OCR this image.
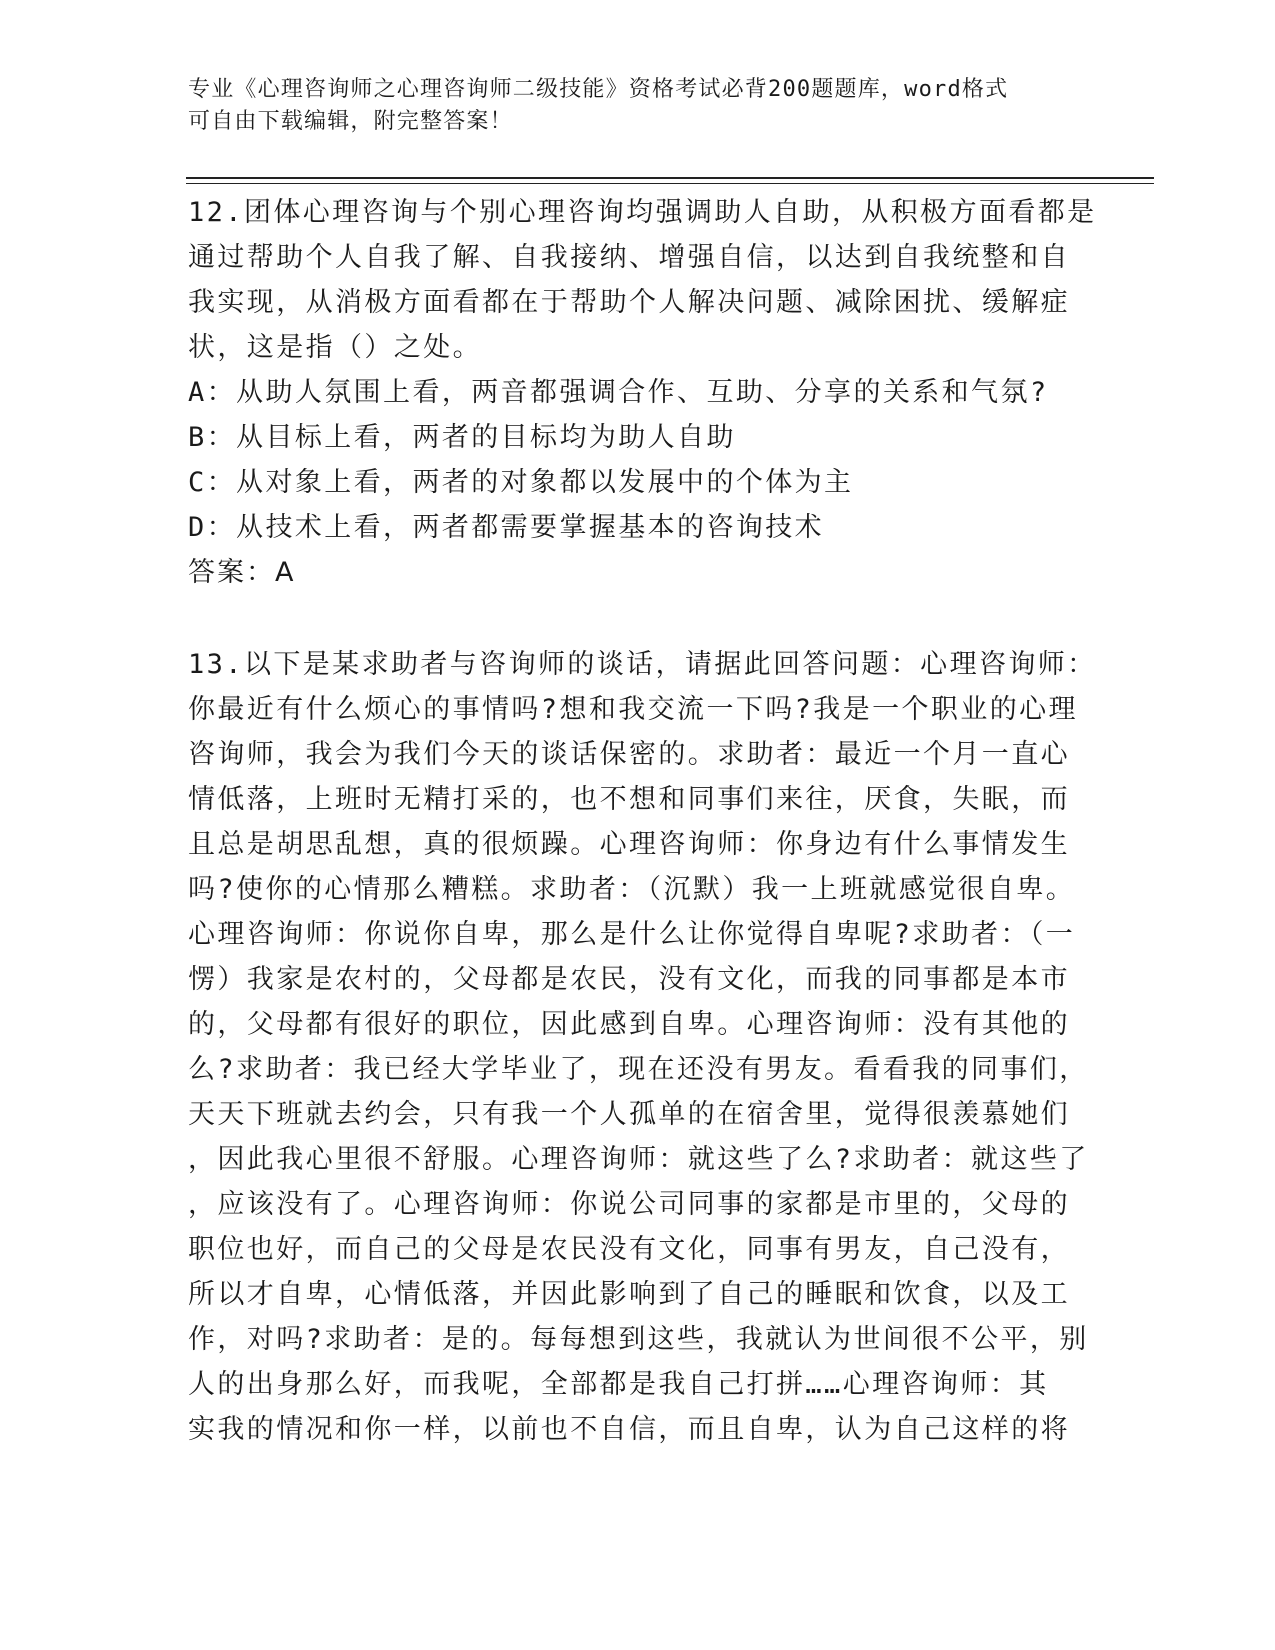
专业《心理咨询师之心理咨询师二级技能》资格考试必背200题题库，word格式
可自由下载编辑，附完整答案！
12.团体心理咨询与个别心理咨询均强调助人自助，从积极方面看都是
通过帮助个人自我了解、自我接纳、增强自信，以达到自我统整和自
我实现，从消极方面看都在于帮助个人解决问题、减除困扰、缓解症
状，这是指（）之处。
A：从助人氛围上看，两音都强调合作、互助、分享的关系和气氛?
B：从目标上看，两者的目标均为助人自助
C：从对象上看，两者的对象都以发展中的个体为主
D：从技术上看，两者都需要掌握基本的咨询技术
答案：A
13.以下是某求助者与咨询师的谈话，请据此回答问题：心理咨询师：
你最近有什么烦心的事情吗?想和我交流一下吗?我是一个职业的心理
咨询师，我会为我们今天的谈话保密的。求助者：最近一个月一直心
情低落，上班时无精打采的，也不想和同事们来往，厌食，失眠，而
且总是胡思乱想，真的很烦躁。心理咨询师：你身边有什么事情发生
吗?使你的心情那么糟糕。求助者：（沉默）我一上班就感觉很自卑。
心理咨询师：你说你自卑，那么是什么让你觉得自卑呢?求助者：（一
愣）我家是农村的，父母都是农民，没有文化，而我的同事都是本市
的，父母都有很好的职位，因此感到自卑。心理咨询师：没有其他的
么?求助者：我已经大学毕业了，现在还没有男友。看看我的同事们，
天天下班就去约会，只有我一个人孤单的在宿舍里，觉得很羡慕她们
，因此我心里很不舒服。心理咨询师：就这些了么?求助者：就这些了
，应该没有了。心理咨询师：你说公司同事的家都是市里的，父母的
职位也好，而自己的父母是农民没有文化，同事有男友，自己没有，
所以才自卑，心情低落，并因此影响到了自己的睡眠和饮食，以及工
作，对吗?求助者：是的。每每想到这些，我就认为世间很不公平，别
人的出身那么好，而我呢，全部都是我自己打拼……心理咨询师：其
实我的情况和你一样，以前也不自信，而且自卑，认为自己这样的将
